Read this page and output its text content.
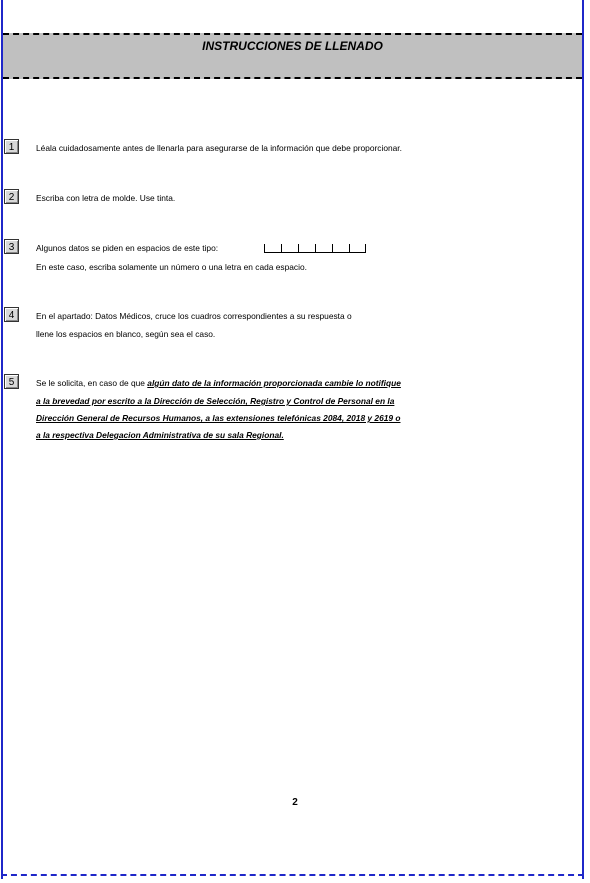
INSTRUCCIONES DE LLENADO
1	Léala cuidadosamente antes de llenarla para asegurarse de la información que debe proporcionar.
2	Escriba con letra de molde. Use tinta.
3	Algunos datos se piden en espacios de este tipo:
En este caso, escriba solamente un número o una letra en cada espacio.
4	En el apartado: Datos Médicos, cruce los cuadros correspondientes a su respuesta o
llene los espacios en blanco, según sea el caso.
5	Se le solicita, en caso de que algún dato de la información proporcionada cambie lo notifique
a la brevedad por escrito a la Dirección de Selección, Registro y Control de Personal en la
Dirección General de Recursos Humanos, a las extensiones telefónicas 2084, 2018 y 2619 o
a la respectiva Delegacion Administrativa de su sala Regional.
2
